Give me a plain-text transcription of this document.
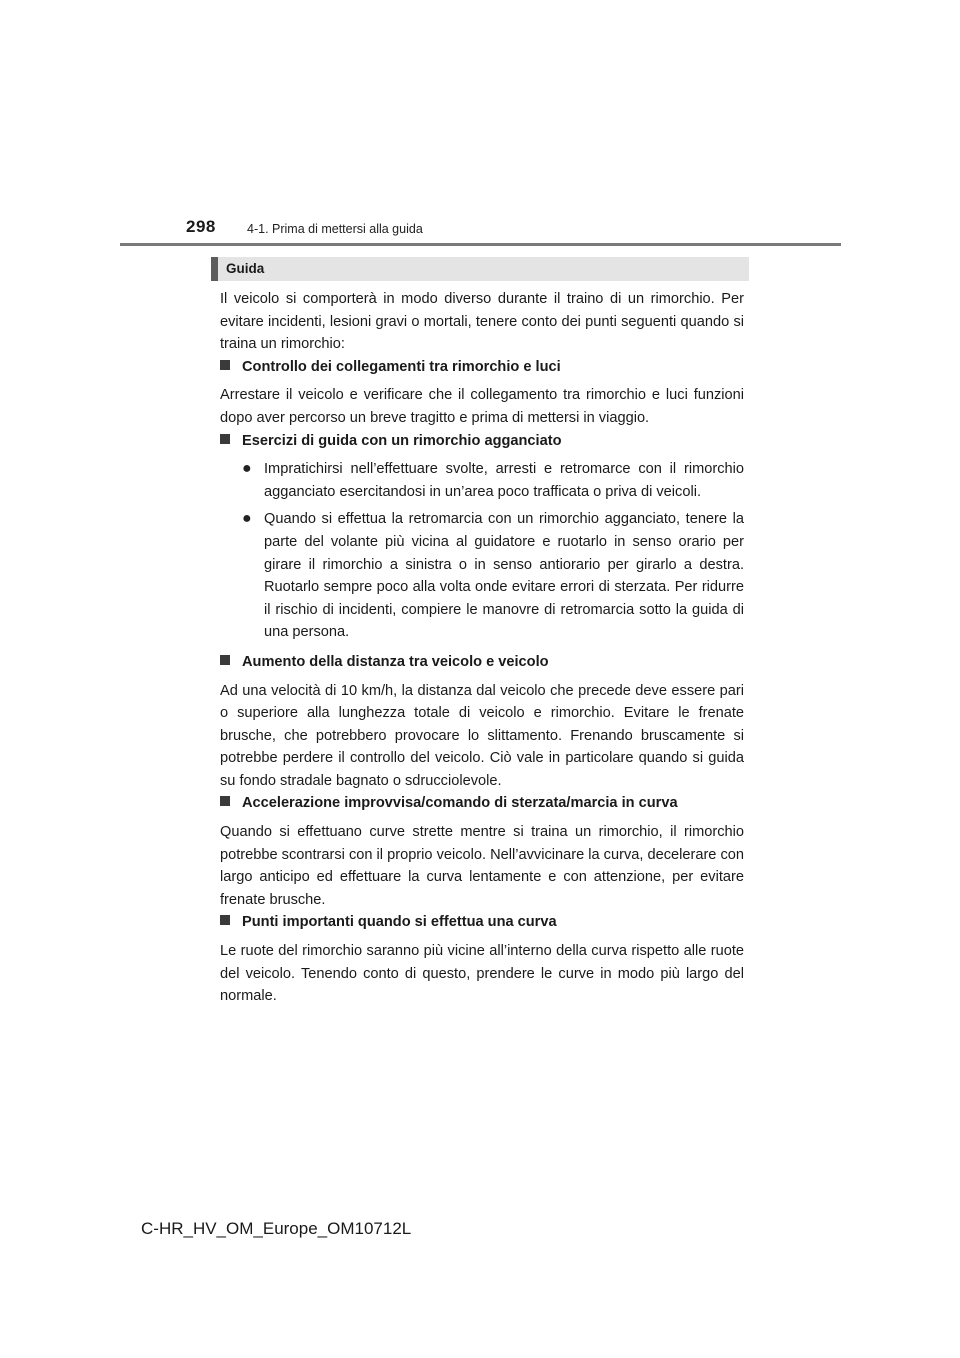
298 4-1. Prima di mettersi alla guida
Guida

Il veicolo si comporterà in modo diverso durante il traino di un rimorchio. Per evitare incidenti, lesioni gravi o mortali, tenere conto dei punti seguenti quando si traina un rimorchio:

Controllo dei collegamenti tra rimorchio e luci

Arrestare il veicolo e verificare che il collegamento tra rimorchio e luci funzioni dopo aver percorso un breve tragitto e prima di mettersi in viaggio.

Esercizi di guida con un rimorchio agganciato
● Impratichirsi nell’effettuare svolte, arresti e retromarce con il rimorchio agganciato esercitandosi in un’area poco trafficata o priva di veicoli.
● Quando si effettua la retromarcia con un rimorchio agganciato, tenere la parte del volante più vicina al guidatore e ruotarlo in senso orario per girare il rimorchio a sinistra o in senso antiorario per girarlo a destra. Ruotarlo sempre poco alla volta onde evitare errori di sterzata. Per ridurre il rischio di incidenti, compiere le manovre di retromarcia sotto la guida di una persona.
Aumento della distanza tra veicolo e veicolo

Ad una velocità di 10 km/h, la distanza dal veicolo che precede deve essere pari o superiore alla lunghezza totale di veicolo e rimorchio. Evitare le frenate brusche, che potrebbero provocare lo slittamento. Frenando bruscamente si potrebbe perdere il controllo del veicolo. Ciò vale in particolare quando si guida su fondo stradale bagnato o sdrucciolevole.

Accelerazione improvvisa/comando di sterzata/marcia in curva

Quando si effettuano curve strette mentre si traina un rimorchio, il rimorchio potrebbe scontrarsi con il proprio veicolo. Nell’avvicinare la curva, decelerare con largo anticipo ed effettuare la curva lentamente e con attenzione, per evitare frenate brusche.

Punti importanti quando si effettua una curva

Le ruote del rimorchio saranno più vicine all’interno della curva rispetto alle ruote del veicolo. Tenendo conto di questo, prendere le curve in modo più largo del normale.

C-HR_HV_OM_Europe_OM10712L
